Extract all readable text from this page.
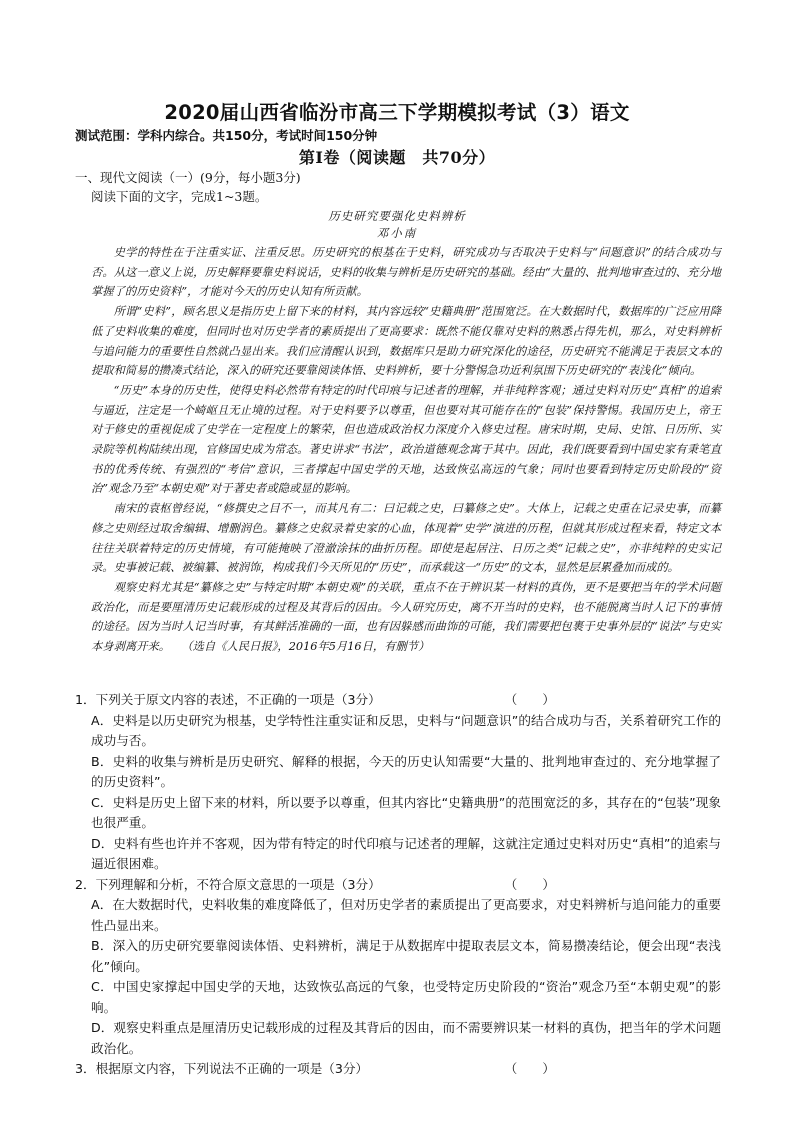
2020届山西省临汾市高三下学期模拟考试（3）语文
测试范围：学科内综合。共150分，考试时间150分钟
第Ⅰ卷（阅读题　共70分）
一、现代文阅读（一）(9分，每小题3分)
阅读下面的文字，完成1~3题。
历史研究要强化史料辨析
邓小南

史学的特性在于注重实证、注重反思。历史研究的根基在于史料，研究成功与否取决于史料与“问题意识”的结合成功与否。从这一意义上说，历史解释要靠史料说话，史料的收集与辨析是历史研究的基础。经由“大量的、批判地审查过的、充分地掌握了的历史资料”，才能对今天的历史认知有所贡献。

所谓“史料”，顾名思义是指历史上留下来的材料，其内容远较“史籍典册”范围宽泛。在大数据时代，数据库的广泛应用降低了史料收集的难度，但同时也对历史学者的素质提出了更高要求：既然不能仅靠对史料的熟悉占得先机，那么，对史料辨析与追问能力的重要性自然就凸显出来。我们应清醒认识到，数据库只是助力研究深化的途径，历史研究不能满足于表层文本的提取和简易的攒凑式结论，深入的研究还要靠阅读体悟、史料辨析，要十分警惕急功近利氛围下历史研究的“表浅化”倾向。

“历史”本身的历史性，使得史料必然带有特定的时代印痕与记述者的理解，并非纯粹客观；通过史料对历史“真相”的追索与逼近，注定是一个崎岖且无止境的过程。对于史料要予以尊重，但也要对其可能存在的“包装”保持警惕。我国历史上，帝王对于修史的重视促成了史学在一定程度上的繁荣，但也造成政治权力深度介入修史过程。唐宋时期，史局、史馆、日历所、实录院等机构陆续出现，官修国史成为常态。著史讲求“书法”，政治道德观念寓于其中。因此，我们既要看到中国史家有秉笔直书的优秀传统、有强烈的“考信”意识，三者撑起中国史学的天地，达致恢弘高远的气象；同时也要看到特定历史阶段的“资治”观念乃至“本朝史观”对于著史者或隐或显的影响。

南宋的袁枢曾经说，“修撰史之目不一，而其凡有二：曰记载之史，曰纂修之史”。大体上，记载之史重在记录史事，而纂修之史则经过取舍编辑、增删润色。纂修之史叙录着史家的心血，体现着“史学”演进的历程，但就其形成过程来看，特定文本往往关联着特定的历史情境，有可能掩映了澄澈涂抹的曲折历程。即使是起居注、日历之类“记载之史”，亦非纯粹的史实记录。史事被记载、被编纂、被润饰，构成我们今天所见的“历史”，而承载这一“历史”的文本，显然是层累叠加而成的。

观察史料尤其是“纂修之史”与特定时期“本朝史观”的关联，重点不在于辨识某一材料的真伪，更不是要把当年的学术问题政治化，而是要厘清历史记载形成的过程及其背后的因由。今人研究历史，离不开当时的史料，也不能脱离当时人记下的事情的途径。因为当时人记当时事，有其鲜活准确的一面，也有因躲感而曲饰的可能，我们需要把包裹于史事外层的“说法”与史实本身剥离开来。　　（选自《人民日报》，2016年5月16日，有删节）

1．下列关于原文内容的表述，不正确的一项是（3分）	（　　）

A．史料是以历史研究为根基，史学特性注重实证和反思，史料与“问题意识”的结合成功与否，关系着研究工作的成功与否。

B．史料的收集与辨析是历史研究、解释的根据，今天的历史认知需要“大量的、批判地审查过的、充分地掌握了的历史资料”。

C．史料是历史上留下来的材料，所以要予以尊重，但其内容比“史籍典册”的范围宽泛的多，其存在的“包装”现象也很严重。

D．史料有些也许并不客观，因为带有特定的时代印痕与记述者的理解，这就注定通过史料对历史“真相”的追索与逼近很困难。

2．下列理解和分析，不符合原文意思的一项是（3分）	（　　）

A．在大数据时代，史料收集的难度降低了，但对历史学者的素质提出了更高要求，对史料辨析与追问能力的重要性凸显出来。

B．深入的历史研究要靠阅读体悟、史料辨析，满足于从数据库中提取表层文本，简易攒凑结论，便会出现“表浅化”倾向。

C．中国史家撑起中国史学的天地，达致恢弘高远的气象，也受特定历史阶段的“资治”观念乃至“本朝史观”的影响。

D．观察史料重点是厘清历史记载形成的过程及其背后的因由，而不需要辨识某一材料的真伪，把当年的学术问题政治化。

3．根据原文内容，下列说法不正确的一项是（3分）	（　　）
